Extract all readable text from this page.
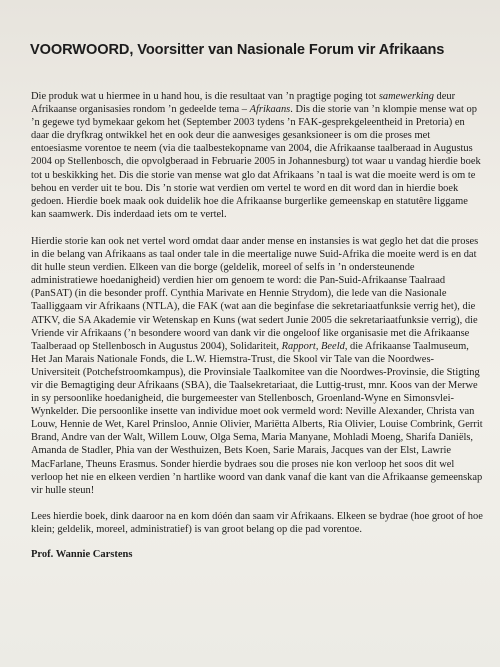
VOORWOORD, Voorsitter van Nasionale Forum vir Afrikaans

Die produk wat u hiermee in u hand hou, is die resultaat van ’n pragtige poging tot samewerking deur Afrikaanse organisasies rondom ’n gedeelde tema – Afrikaans. Dis die storie van ’n klompie mense wat op ’n gegewe tyd bymekaar gekom het (September 2003 tydens ’n FAK-gesprekgeleentheid in Pretoria) en daar die dryfkrag ontwikkel het en ook deur die aanwesiges gesanksioneer is om die proses met entoesiasme vorentoe te neem (via die taalbestekopname van 2004, die Afrikaanse taalberaad in Augustus 2004 op Stellenbosch, die opvolgberaad in Februarie 2005 in Johannesburg) tot waar u vandag hierdie boek tot u beskikking het. Dis die storie van mense wat glo dat Afrikaans ’n taal is wat die moeite werd is om te behou en verder uit te bou. Dis ’n storie wat verdien om vertel te word en dit word dan in hierdie boek gedoen. Hierdie boek maak ook duidelik hoe die Afrikaanse burgerlike gemeenskap en statutêre liggame kan saamwerk. Dis inderdaad iets om te vertel.

Hierdie storie kan ook net vertel word omdat daar ander mense en instansies is wat geglo het dat die proses in die belang van Afrikaans as taal onder tale in die meertalige nuwe Suid-Afrika die moeite werd is en dat dit hulle steun verdien. Elkeen van die borge (geldelik, moreel of selfs in ’n ondersteunende administratiewe hoedanigheid) verdien hier om genoem te word: die Pan-Suid-Afrikaanse Taalraad (PanSAT) (in die besonder proff. Cynthia Marivate en Hennie Strydom), die lede van die Nasionale Taalliggaam vir Afrikaans (NTLA), die FAK (wat aan die beginfase die sekretariaatfunksie verrig het), die ATKV, die SA Akademie vir Wetenskap en Kuns (wat sedert Junie 2005 die sekretariaatfunksie verrig), die Vriende vir Afrikaans (’n besondere woord van dank vir die ongeloof like organisasie met die Afrikaanse Taalberaad op Stellenbosch in Augustus 2004), Solidariteit, Rapport, Beeld, die Afrikaanse Taalmuseum, Het Jan Marais Nationale Fonds, die L.W. Hiemstra-Trust, die Skool vir Tale van die Noordwes-Universiteit (Potchefstroomkampus), die Provinsiale Taalkomitee van die Noordwes-Provinsie, die Stigting vir die Bemagtiging deur Afrikaans (SBA), die Taalsekretariaat, die Luttig-trust, mnr. Koos van der Merwe in sy persoonlike hoedanigheid, die burgemeester van Stellenbosch, Groenland-Wyne en Simonsvlei-Wynkelder. Die persoonlike insette van individue moet ook vermeld word: Neville Alexander, Christa van Louw, Hennie de Wet, Karel Prinsloo, Annie Olivier, Mariëtta Alberts, Ria Olivier, Louise Combrink, Gerrit Brand, Andre van der Walt, Willem Louw, Olga Sema, Maria Manyane, Mohladi Moeng, Sharifa Daniëls, Amanda de Stadler, Phia van der Westhuizen, Bets Koen, Sarie Marais, Jacques van der Elst, Lawrie MacFarlane, Theuns Erasmus. Sonder hierdie bydraes sou die proses nie kon verloop het soos dit wel verloop het nie en elkeen verdien ’n hartlike woord van dank vanaf die kant van die Afrikaanse gemeenskap vir hulle steun!

Lees hierdie boek, dink daaroor na en kom dóén dan saam vir Afrikaans. Elkeen se bydrae (hoe groot of hoe klein; geldelik, moreel, administratief) is van groot belang op die pad vorentoe.

Prof. Wannie Carstens
